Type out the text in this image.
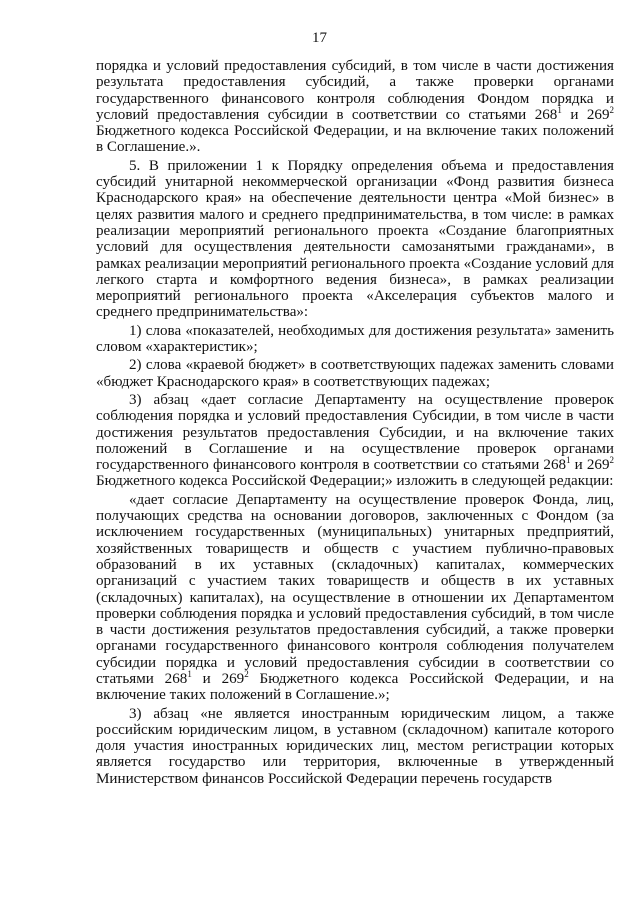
17

порядка и условий предоставления субсидий, в том числе в части достижения результата предоставления субсидий, а также проверки органами государственного финансового контроля соблюдения Фондом порядка и условий предоставления субсидии в соответствии со статьями $268^1$ и $269^2$ Бюджетного кодекса Российской Федерации, и на включение таких положений в Соглашение.».

5. В приложении 1 к Порядку определения объема и предоставления субсидий унитарной некоммерческой организации «Фонд развития бизнеса Краснодарского края» на обеспечение деятельности центра «Мой бизнес» в целях развития малого и среднего предпринимательства, в том числе: в рамках реализации мероприятий регионального проекта «Создание благоприятных условий для осуществления деятельности самозанятыми гражданами», в рамках реализации мероприятий регионального проекта «Создание условий для легкого старта и комфортного ведения бизнеса», в рамках реализации мероприятий регионального проекта «Акселерация субъектов малого и среднего предпринимательства»:

1) слова «показателей, необходимых для достижения результата» заменить словом «характеристик»;

2) слова «краевой бюджет» в соответствующих падежах заменить словами «бюджет Краснодарского края» в соответствующих падежах;

3) абзац «дает согласие Департаменту на осуществление проверок соблюдения порядка и условий предоставления Субсидии, в том числе в части достижения результатов предоставления Субсидии, и на включение таких положений в Соглашение и на осуществление проверок органами государственного финансового контроля в соответствии со статьями $268^1$ и $269^2$ Бюджетного кодекса Российской Федерации;» изложить в следующей редакции:

«дает согласие Департаменту на осуществление проверок Фонда, лиц, получающих средства на основании договоров, заключенных с Фондом (за исключением государственных (муниципальных) унитарных предприятий, хозяйственных товариществ и обществ с участием публично-правовых образований в их уставных (складочных) капиталах, коммерческих организаций с участием таких товариществ и обществ в их уставных (складочных) капиталах), на осуществление в отношении их Департаментом проверки соблюдения порядка и условий предоставления субсидий, в том числе в части достижения результатов предоставления субсидий, а также проверки органами государственного финансового контроля соблюдения получателем субсидии порядка и условий предоставления субсидии в соответствии со статьями $268^1$ и $269^2$ Бюджетного кодекса Российской Федерации, и на включение таких положений в Соглашение.»;

3) абзац «не является иностранным юридическим лицом, а также российским юридическим лицом, в уставном (складочном) капитале которого доля участия иностранных юридических лиц, местом регистрации которых является государство или территория, включенные в утвержденный Министерством финансов Российской Федерации перечень государств
